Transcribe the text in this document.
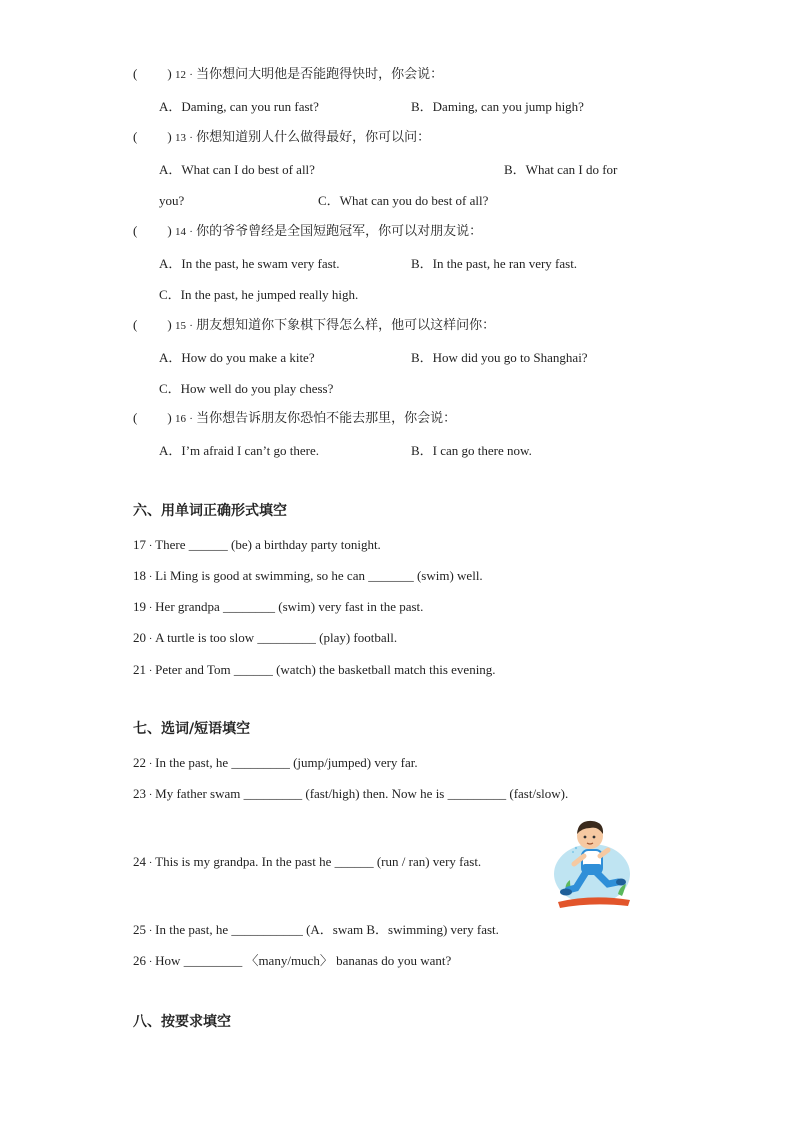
( ) 12 · 当你想问大明他是否能跑得快时，你会说：
A．Daming, can you run fast?	B．Daming, can you jump high?
( ) 13 · 你想知道别人什么做得最好，你可以问：
A．What can I do best of all?	B．What can I do for
you?	C．What can you do best of all?
( ) 14 · 你的爷爷曾经是全国短跑冠军，你可以对朋友说：
A．In the past, he swam very fast.	B．In the past, he ran very fast.
C．In the past, he jumped really high.
( ) 15 · 朋友想知道你下象棋下得怎么样，他可以这样问你：
A．How do you make a kite?	B．How did you go to Shanghai?
C．How well do you play chess?
( ) 16 · 当你想告诉朋友你恐怕不能去那里，你会说：
A．I’m afraid I can’t go there.	B．I can go there now.
六、用单词正确形式填空
17 · There ______ (be) a birthday party tonight.
18 · Li Ming is good at swimming, so he can _______ (swim) well.
19 · Her grandpa ________ (swim) very fast in the past.
20 · A turtle is too slow _________ (play) football.
21 · Peter and Tom ______ (watch) the basketball match this evening.
七、选词/短语填空
22 · In the past, he _________ (jump/jumped) very far.
23 · My father swam _________ (fast/high) then. Now he is _________ (fast/slow).
24 · This is my grandpa. In the past he ______ (run / ran) very fast.
25 · In the past, he ___________ (A．swam B．swimming) very fast.
26 · How _________ 〈many/much〉 bananas do you want?
八、按要求填空
